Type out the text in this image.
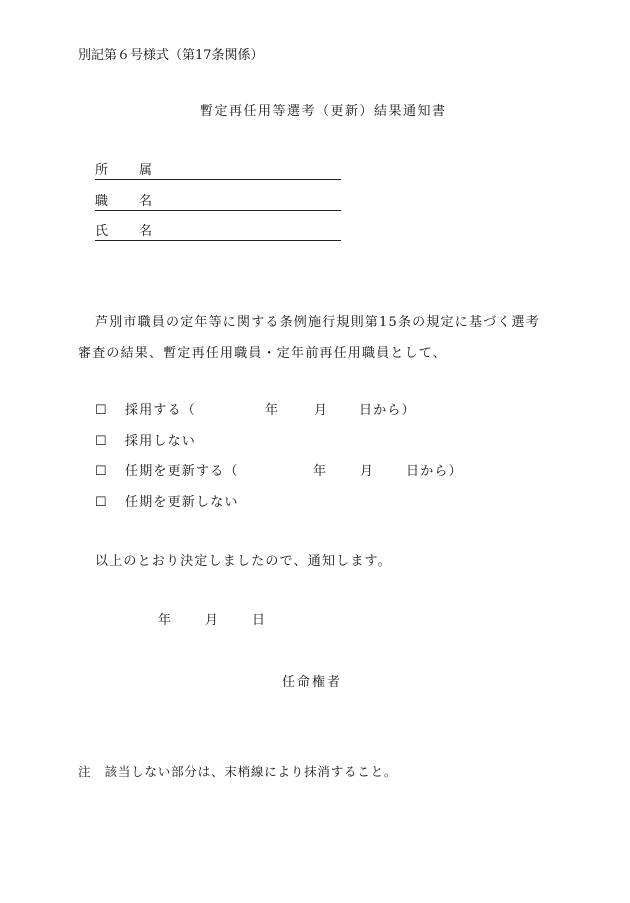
別記第６号様式（第17条関係）
暫定再任用等選考（更新）結果通知書
所 属
職 名
氏 名
芦別市職員の定年等に関する条例施行規則第15条の規定に基づく選考
審査の結果、暫定再任用職員・定年前再任用職員として、
☐ 採用する（	年	月 日から）
☐ 採用しない
☐ 任期を更新する（	年	月	日から）
☐ 任期を更新しない
以上のとおり決定しましたので、通知します。
年	月	日
任命権者
注　該当しない部分は、末梢線により抹消すること。
